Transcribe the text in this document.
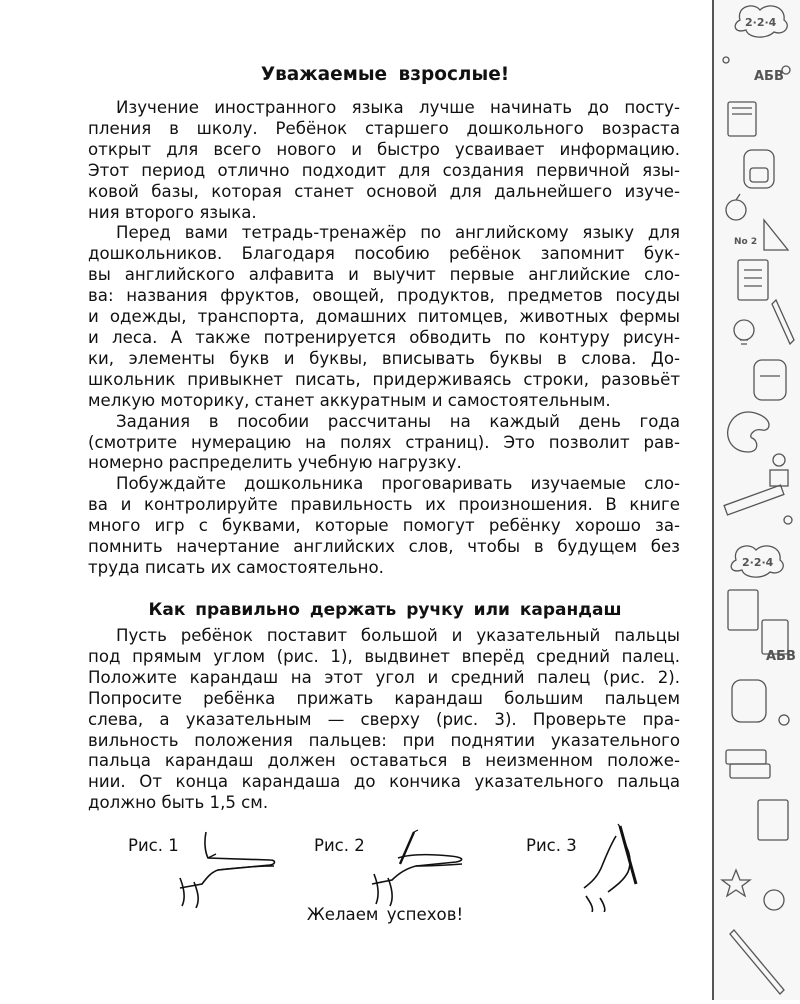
Уважаемые взрослые!
Изучение иностранного языка лучше начинать до посту-
пления в школу. Ребёнок старшего дошкольного возраста
открыт для всего нового и быстро усваивает информацию.
Этот период отлично подходит для создания первичной язы-
ковой базы, которая станет основой для дальнейшего изуче-
ния второго языка.
Перед вами тетрадь-тренажёр по английскому языку для
дошкольников. Благодаря пособию ребёнок запомнит бук-
вы английского алфавита и выучит первые английские сло-
ва: названия фруктов, овощей, продуктов, предметов посуды
и одежды, транспорта, домашних питомцев, животных фермы
и леса. А также потренируется обводить по контуру рисун-
ки, элементы букв и буквы, вписывать буквы в слова. До-
школьник привыкнет писать, придерживаясь строки, разовьёт
мелкую моторику, станет аккуратным и самостоятельным.
Задания в пособии рассчитаны на каждый день года
(смотрите нумерацию на полях страниц). Это позволит рав-
номерно распределить учебную нагрузку.
Побуждайте дошкольника проговаривать изучаемые сло-
ва и контролируйте правильность их произношения. В книге
много игр с буквами, которые помогут ребёнку хорошо за-
помнить начертание английских слов, чтобы в будущем без
труда писать их самостоятельно.
Как правильно держать ручку или карандаш
Пусть ребёнок поставит большой и указательный пальцы
под прямым углом (рис. 1), выдвинет вперёд средний палец.
Положите карандаш на этот угол и средний палец (рис. 2).
Попросите ребёнка прижать карандаш большим пальцем
слева, а указательным — сверху (рис. 3). Проверьте пра-
вильность положения пальцев: при поднятии указательного
пальца карандаш должен оставаться в неизменном положе-
нии. От конца карандаша до кончика указательного пальца
должно быть 1,5 см.
Рис. 1	Рис. 2	Рис. 3
Желаем успехов!
2·2·4
АБВ
2·2·4
АБВ
No 2
